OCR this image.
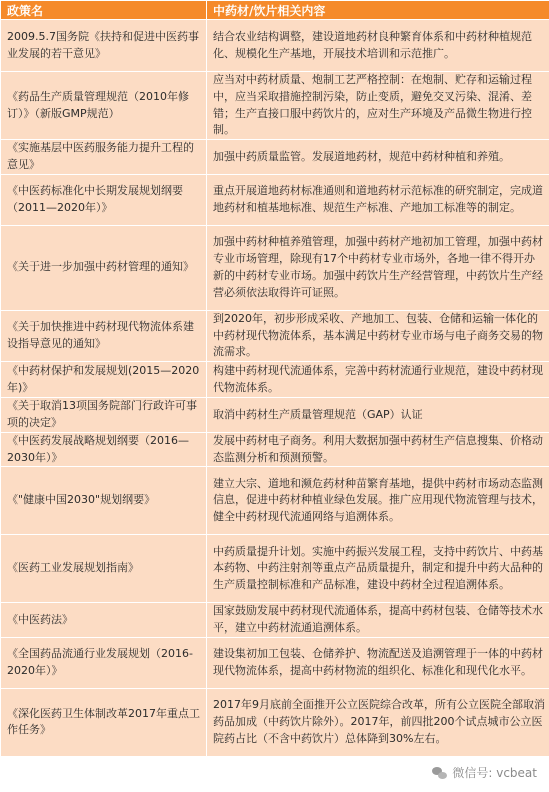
政策名	中药材/饮片相关内容
2009.5.7国务院《扶持和促进中医药事业发展的若干意见》	结合农业结构调整，建设道地药材良种繁育体系和中药材种植规范化、规模化生产基地，开展技术培训和示范推广。
《药品生产质量管理规范（2010年修订）》（新版GMP规范）	应当对中药材质量、炮制工艺严格控制：在炮制、贮存和运输过程中，应当采取措施控制污染，防止变质，避免交叉污染、混淆、差错；生产直接口服中药饮片的，应对生产环境及产品微生物进行控制。
《实施基层中医药服务能力提升工程的意见》	加强中药质量监管。发展道地药材，规范中药材种植和养殖。
《中医药标准化中长期发展规划纲要（2011—2020年）》	重点开展道地药材标准通则和道地药材示范标准的研究制定，完成道地药材和植基地标准、规范生产标准、产地加工标准等的制定。
《关于进一步加强中药材管理的通知》	加强中药材种植养殖管理，加强中药材产地初加工管理，加强中药材专业市场管理，除现有17个中药材专业市场外，各地一律不得开办新的中药材专业市场。加强中药饮片生产经营管理，中药饮片生产经营必须依法取得许可证照。
《关于加快推进中药材现代物流体系建设指导意见的通知》	到2020年，初步形成采收、产地加工、包装、仓储和运输一体化的中药材现代物流体系，基本满足中药材专业市场与电子商务交易的物流需求。
《中药材保护和发展规划(2015—2020年)》	构建中药材现代流通体系，完善中药材流通行业规范，建设中药材现代物流体系。
《关于取消13项国务院部门行政许可事项的决定》	取消中药材生产质量管理规范（GAP）认证
《中医药发展战略规划纲要（2016—2030年）》	发展中药材电子商务。利用大数据加强中药材生产信息搜集、价格动态监测分析和预测预警。
《"健康中国2030"规划纲要》	建立大宗、道地和濒危药材种苗繁育基地，提供中药材市场动态监测信息，促进中药材种植业绿色发展。推广应用现代物流管理与技术，健全中药材现代流通网络与追溯体系。
《医药工业发展规划指南》	中药质量提升计划。实施中药振兴发展工程，支持中药饮片、中药基本药物、中药注射剂等重点产品质量提升，制定和提升中药大品种的生产质量控制标准和产品标准，建设中药材全过程追溯体系。
《中医药法》	国家鼓励发展中药材现代流通体系，提高中药材包装、仓储等技术水平，建立中药材流通追溯体系。
《全国药品流通行业发展规划（2016-2020年）》	建设集初加工包装、仓储养护、物流配送及追溯管理于一体的中药材现代物流体系，提高中药材物流的组织化、标准化和现代化水平。
《深化医药卫生体制改革2017年重点工作任务》	2017年9月底前全面推开公立医院综合改革，所有公立医院全部取消药品加成（中药饮片除外）。2017年，前四批200个试点城市公立医院药占比（不含中药饮片）总体降到30%左右。
微信号: vcbeat
